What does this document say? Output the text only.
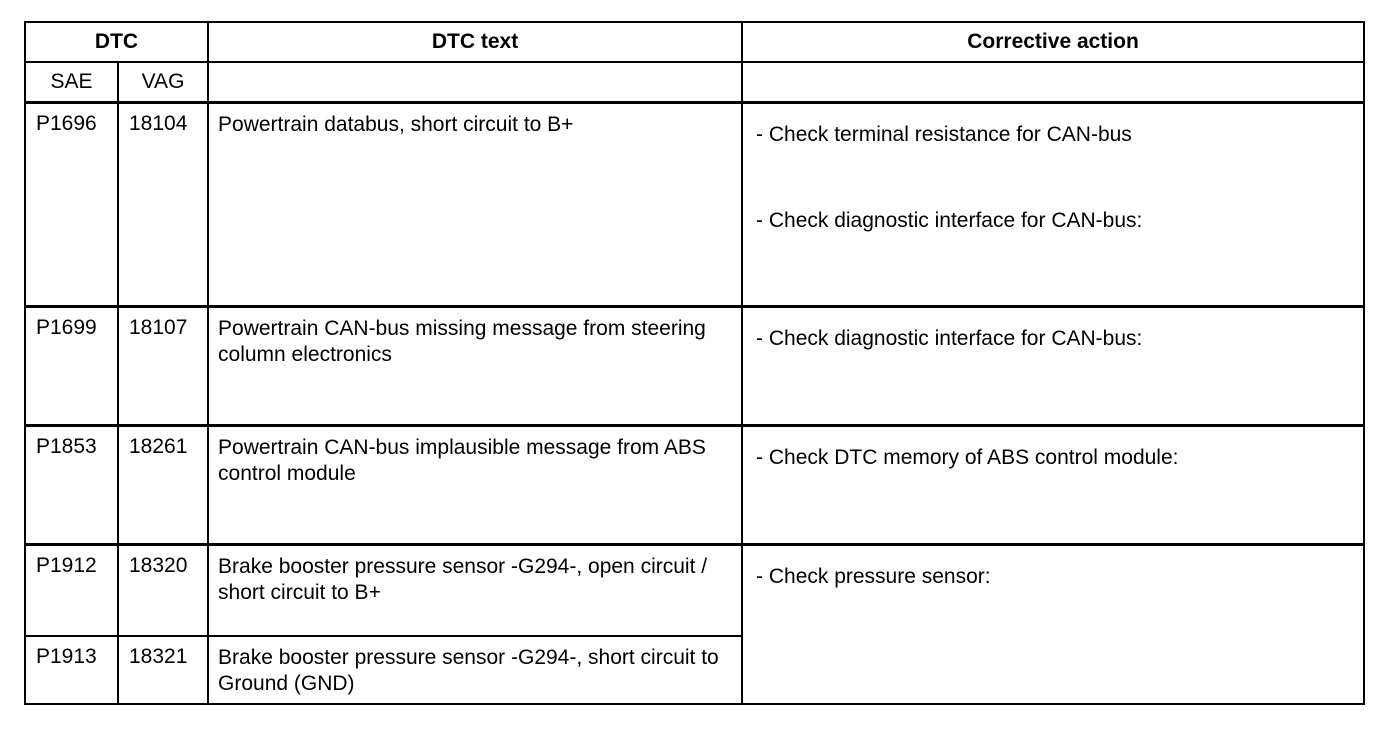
DTC		DTC text	Corrective action
SAE	VAG		
P1696	18104	Powertrain databus, short circuit to B+	- Check terminal resistance for CAN-bus
- Check diagnostic interface for CAN-bus:

P1699	18107	Powertrain CAN-bus missing message from steering column electronics	- Check diagnostic interface for CAN-bus:

P1853	18261	Powertrain CAN-bus implausible message from ABS control module	- Check DTC memory of ABS control module:

P1912	18320	Brake booster pressure sensor -G294-, open circuit / short circuit to B+	- Check pressure sensor:

P1913	18321	Brake booster pressure sensor -G294-, short circuit to Ground (GND)	
